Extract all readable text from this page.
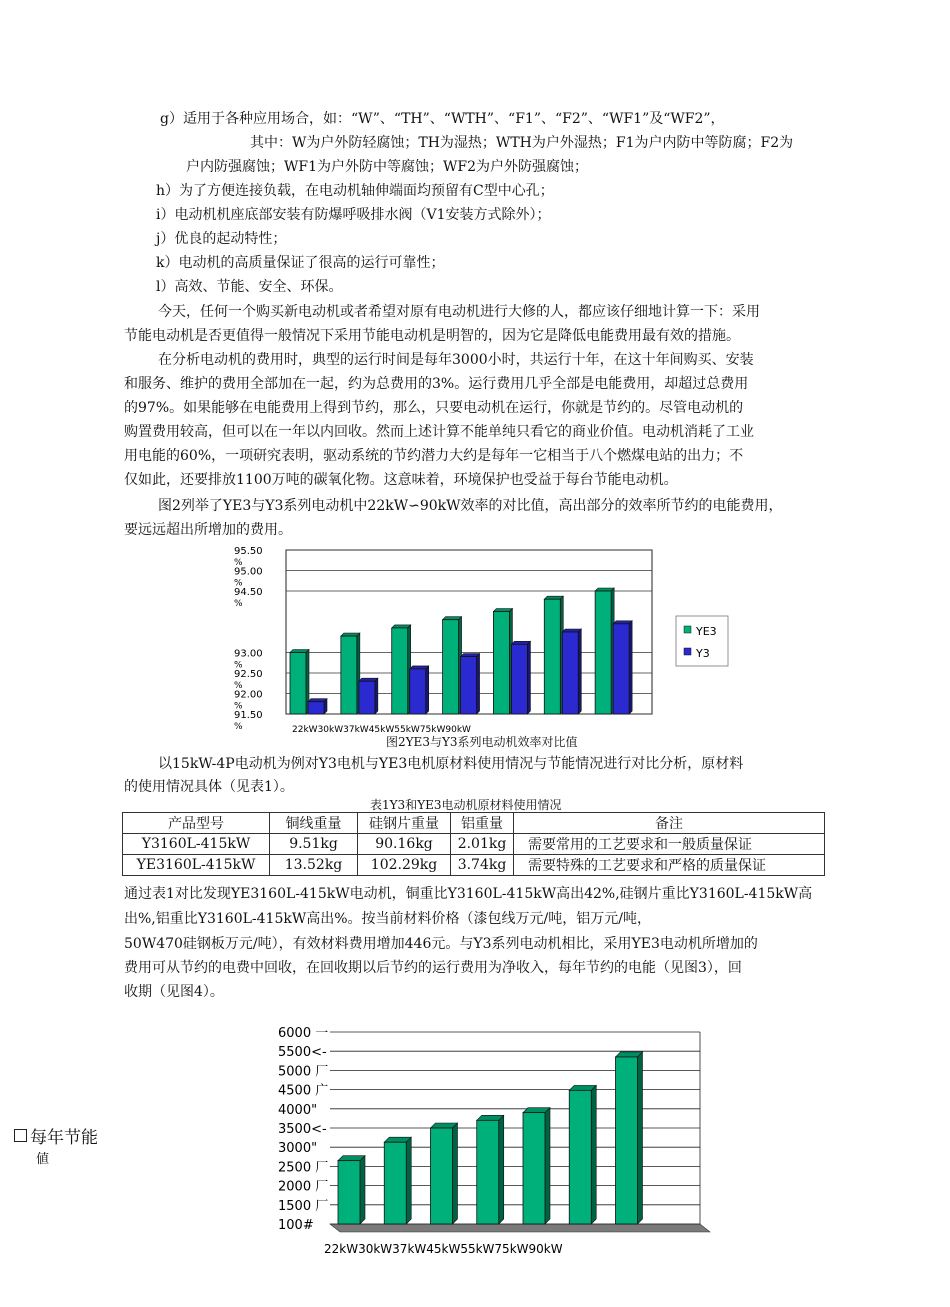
g）适用于各种应用场合，如：“W”、“TH”、“WTH”、“F1”、“F2”、“WF1”及“WF2”，
其中：W为户外防轻腐蚀；TH为湿热；WTH为户外湿热；F1为户内防中等防腐；F2为
户内防强腐蚀；WF1为户外防中等腐蚀；WF2为户外防强腐蚀；
h）为了方便连接负载，在电动机轴伸端面均预留有C型中心孔；
i）电动机机座底部安装有防爆呼吸排水阀（V1安装方式除外）；
j）优良的起动特性；
k）电动机的高质量保证了很高的运行可靠性；
l）高效、节能、安全、环保。
今天，任何一个购买新电动机或者希望对原有电动机进行大修的人，都应该仔细地计算一下：采用
节能电动机是否更值得一般情况下采用节能电动机是明智的，因为它是降低电能费用最有效的措施。
在分析电动机的费用时，典型的运行时间是每年3000小时，共运行十年，在这十年间购买、安装
和服务、维护的费用全部加在一起，约为总费用的3%。运行费用几乎全部是电能费用，却超过总费用
的97%。如果能够在电能费用上得到节约，那么，只要电动机在运行，你就是节约的。尽管电动机的
购置费用较高，但可以在一年以内回收。然而上述计算不能单纯只看它的商业价值。电动机消耗了工业
用电能的60%，一项研究表明，驱动系统的节约潜力大约是每年一它相当于八个燃煤电站的出力；不
仅如此，还要排放1100万吨的碳氧化物。这意味着，环境保护也受益于每台节能电动机。
图2列举了YE3与Y3系列电动机中22kW∽90kW效率的对比值，高出部分的效率所节约的电能费用，
要远远超出所增加的费用。
95.50
%
95.00
%
94.50
%
93.00
%
92.50
%
92.00
%
91.50
%	22kW30kW37kW45kW55kW75kW90kW
YE3
Y3
图2YE3与Y3系列电动机效率对比值
以15kW-4P电动机为例对Y3电机与YE3电机原材料使用情况与节能情况进行对比分析，原材料
的使用情况具体（见表1）。
表1Y3和YE3电动机原材料使用情况
产品型号	铜线重量	硅钢片重量	铝重量	备注
Y3160L-415kW	9.51kg	90.16kg	2.01kg	需要常用的工艺要求和一般质量保证
YE3160L-415kW	13.52kg	102.29kg	3.74kg	需要特殊的工艺要求和严格的质量保证
通过表1对比发现YE3160L-415kW电动机，铜重比Y3160L-415kW高出42%,硅钢片重比Y3160L-415kW高
出%,铝重比Y3160L-415kW高出%。按当前材料价格（漆包线万元/吨，铝万元/吨，
50W470硅钢板万元/吨），有效材料费用增加446元。与Y3系列电动机相比，采用YE3电动机所增加的
费用可从节约的电费中回收，在回收期以后节约的运行费用为净收入，每年节约的电能（见图3），回
收期（见图4）。
每年节能
値
6000 一
5500<-
5000 厂
4500 广
4000"
3500<-
3000"
2500 厂
2000 厂
1500 厂
100#
22kW30kW37kW45kW55kW75kW90kW
